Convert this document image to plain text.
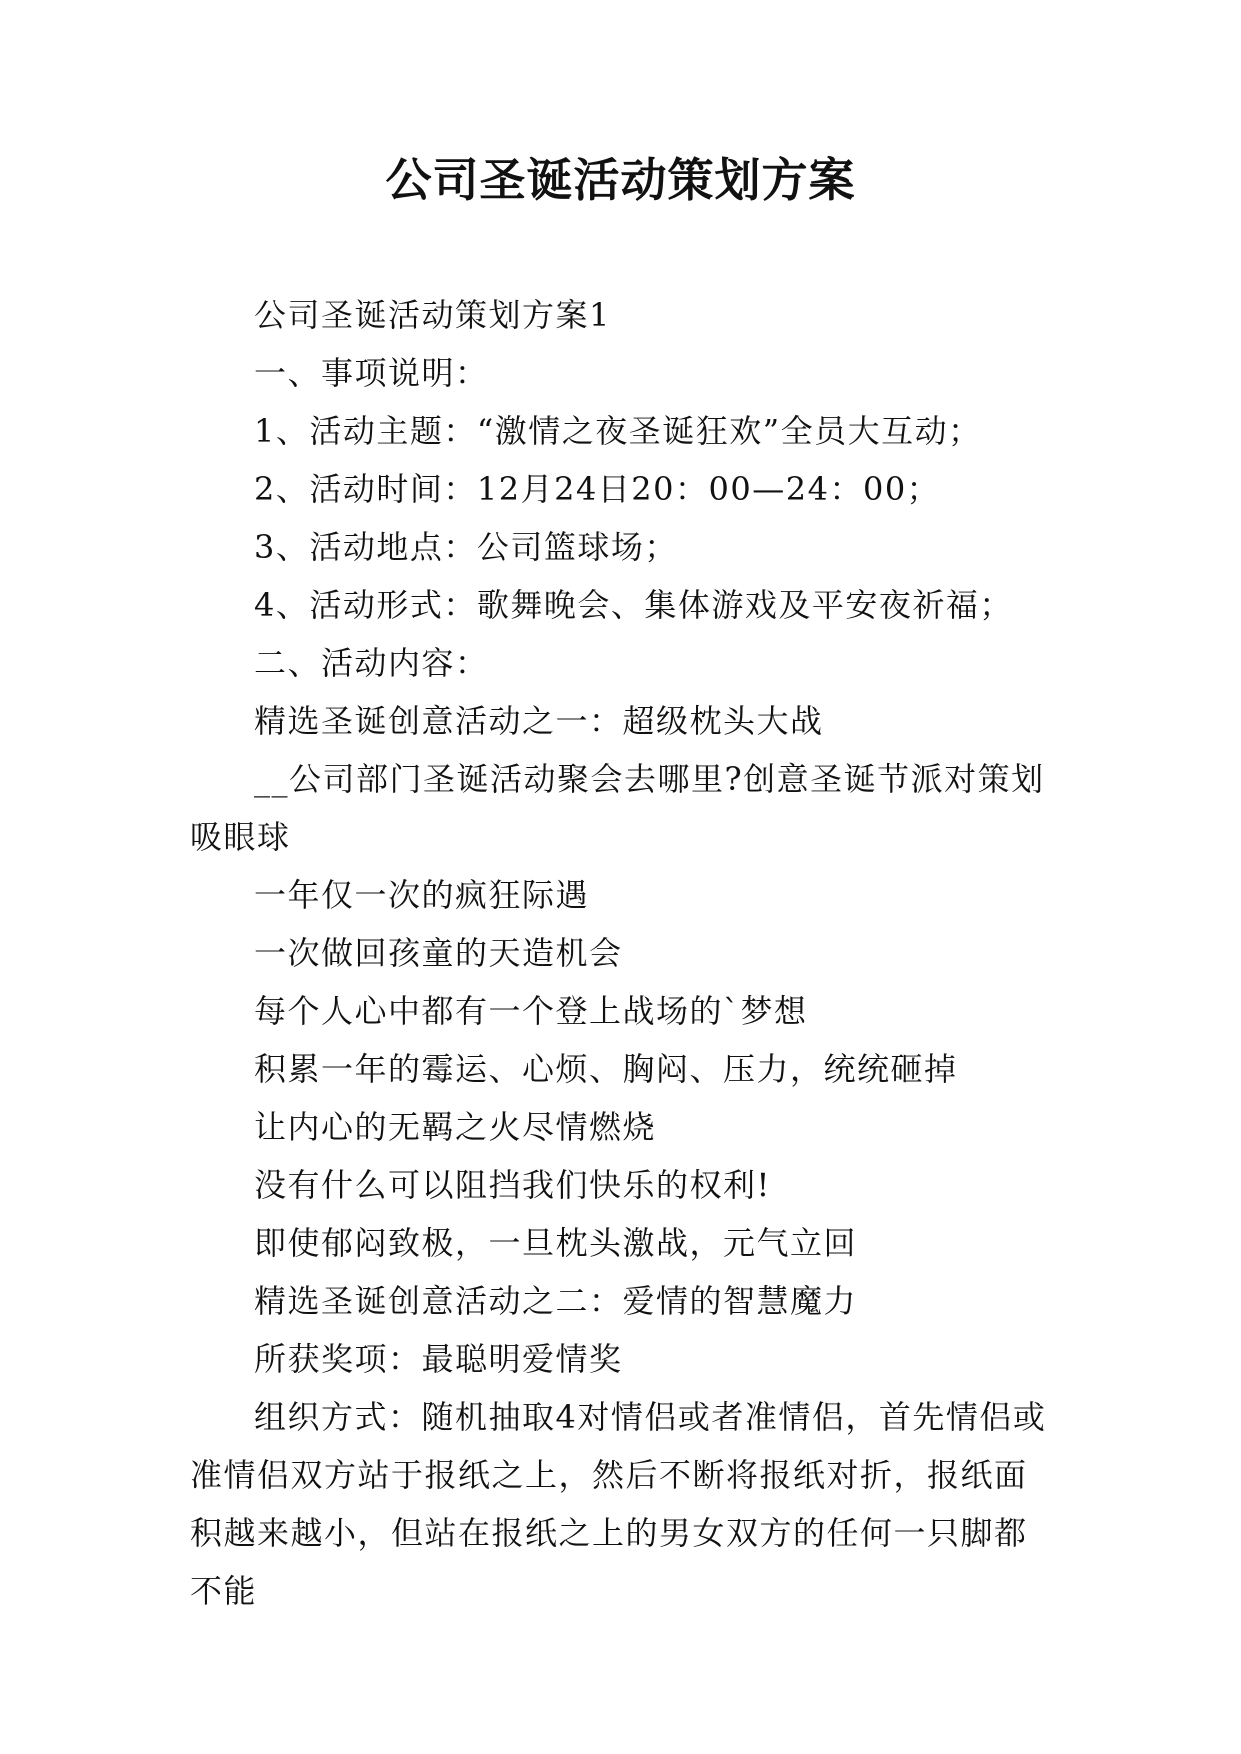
公司圣诞活动策划方案

公司圣诞活动策划方案1

一、事项说明：

1、活动主题：“激情之夜圣诞狂欢”全员大互动；

2、活动时间：12月24日20：00—24：00；

3、活动地点：公司篮球场；

4、活动形式：歌舞晚会、集体游戏及平安夜祈福；

二、活动内容：

精选圣诞创意活动之一：超级枕头大战

__公司部门圣诞活动聚会去哪里?创意圣诞节派对策划吸眼球

一年仅一次的疯狂际遇

一次做回孩童的天造机会

每个人心中都有一个登上战场的`梦想

积累一年的霉运、心烦、胸闷、压力，统统砸掉

让内心的无羁之火尽情燃烧

没有什么可以阻挡我们快乐的权利!

即使郁闷致极，一旦枕头激战，元气立回

精选圣诞创意活动之二：爱情的智慧魔力

所获奖项：最聪明爱情奖

组织方式：随机抽取4对情侣或者准情侣，首先情侣或准情侣双方站于报纸之上，然后不断将报纸对折，报纸面积越来越小，但站在报纸之上的男女双方的任何一只脚都不能
